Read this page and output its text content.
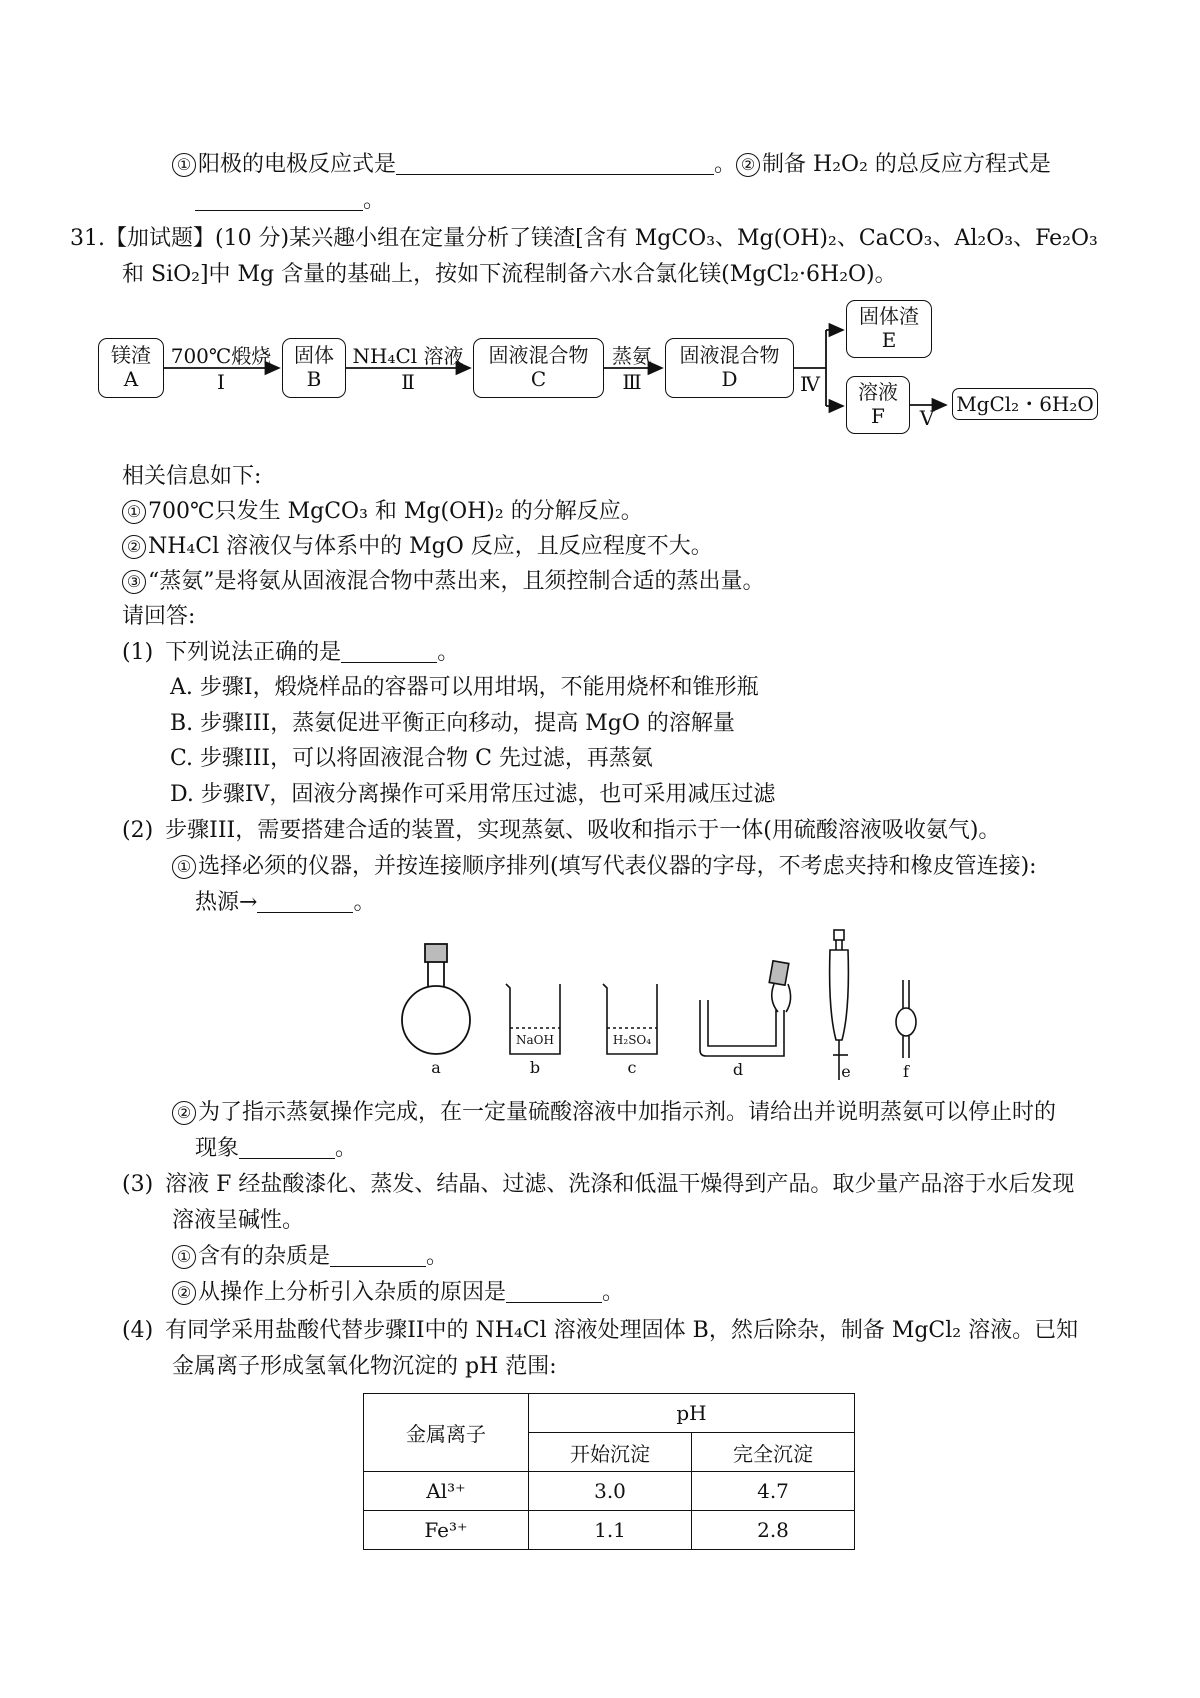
① 阳极的电极反应式是	。 ② 制备 H₂O₂ 的总反应方程式是
。
31.【加试题】(10 分)某兴趣小组在定量分析了镁渣[含有 MgCO₃、Mg(OH)₂、CaCO₃、Al₂O₃、Fe₂O₃
和 SiO₂]中 Mg 含量的基础上，按如下流程制备六水合氯化镁(MgCl₂·6H₂O)。
镁渣
A
固体
B
固液混合物
C
固液混合物
D
固体渣
E
溶液
F	MgCl₂・6H₂O
700℃煅烧
Ⅰ
NH₄Cl 溶液
Ⅱ
蒸氨
Ⅲ	Ⅳ
Ⅴ
相关信息如下:
① 700℃只发生 MgCO₃ 和 Mg(OH)₂ 的分解反应。
② NH₄Cl 溶液仅与体系中的 MgO 反应，且反应程度不大。
③ “蒸氨”是将氨从固液混合物中蒸出来，且须控制合适的蒸出量。
请回答:
(1) 下列说法正确的是	。
A. 步骤I，煅烧样品的容器可以用坩埚，不能用烧杯和锥形瓶
B. 步骤III，蒸氨促进平衡正向移动，提高 MgO 的溶解量
C. 步骤III，可以将固液混合物 C 先过滤，再蒸氨
D. 步骤IV，固液分离操作可采用常压过滤，也可采用减压过滤
(2) 步骤III，需要搭建合适的装置，实现蒸氨、吸收和指示于一体(用硫酸溶液吸收氨气)。
① 选择必须的仪器，并按连接顺序排列(填写代表仪器的字母，不考虑夹持和橡皮管连接):
热源→	。
NaOH	H₂SO₄
a	b	c	d	e	f
② 为了指示蒸氨操作完成，在一定量硫酸溶液中加指示剂。请给出并说明蒸氨可以停止时的
现象	。
(3) 溶液 F 经盐酸漆化、蒸发、结晶、过滤、洗涤和低温干燥得到产品。取少量产品溶于水后发现
溶液呈碱性。
① 含有的杂质是	。
② 从操作上分析引入杂质的原因是	。
(4) 有同学采用盐酸代替步骤II中的 NH₄Cl 溶液处理固体 B，然后除杂，制备 MgCl₂ 溶液。已知
金属离子形成氢氧化物沉淀的 pH 范围:
金属离子	pH	
	开始沉淀	完全沉淀
Al³⁺	3.0	4.7
Fe³⁺	1.1	2.8
